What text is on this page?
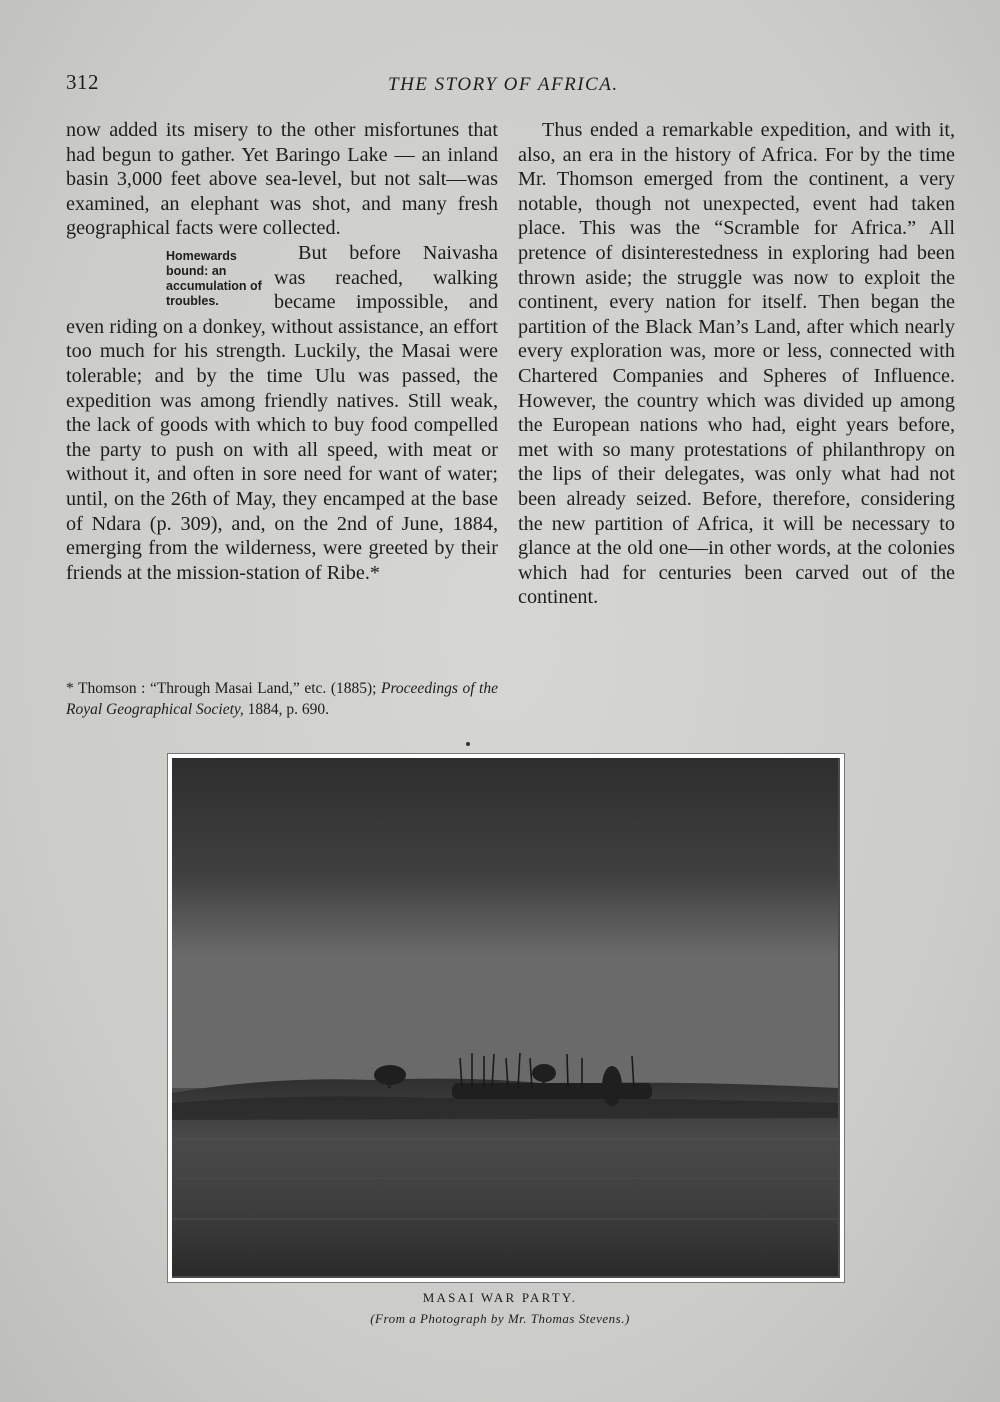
312	THE STORY OF AFRICA.

now added its misery to the other misfortunes that had begun to gather. Yet Baringo Lake — an inland basin 3,000 feet above sea-level, but not salt—was examined, an elephant was shot, and many fresh geographical facts were collected.

Homewards bound: an accumulation of troubles.

But before Naivasha was reached, walking became impossible, and even riding on a donkey, without assistance, an effort too much for his strength. Luckily, the Masai were tolerable; and by the time Ulu was passed, the expedition was among friendly natives. Still weak, the lack of goods with which to buy food compelled the party to push on with all speed, with meat or without it, and often in sore need for want of water; until, on the 26th of May, they encamped at the base of Ndara (p. 309), and, on the 2nd of June, 1884, emerging from the wilderness, were greeted by their friends at the mission-station of Ribe.*

* Thomson : “Through Masai Land,” etc. (1885); Proceedings of the Royal Geographical Society, 1884, p. 690.

Thus ended a remarkable expedition, and with it, also, an era in the history of Africa. For by the time Mr. Thomson emerged from the continent, a very notable, though not unexpected, event had taken place. This was the “Scramble for Africa.” All pretence of disinterestedness in exploring had been thrown aside; the struggle was now to exploit the continent, every nation for itself. Then began the partition of the Black Man’s Land, after which nearly every exploration was, more or less, connected with Chartered Companies and Spheres of Influence. However, the country which was divided up among the European nations who had, eight years before, met with so many protestations of philanthropy on the lips of their delegates, was only what had not been already seized. Before, therefore, considering the new partition of Africa, it will be necessary to glance at the old one—in other words, at the colonies which had for centuries been carved out of the continent.

MASAI WAR PARTY.
(From a Photograph by Mr. Thomas Stevens.)
